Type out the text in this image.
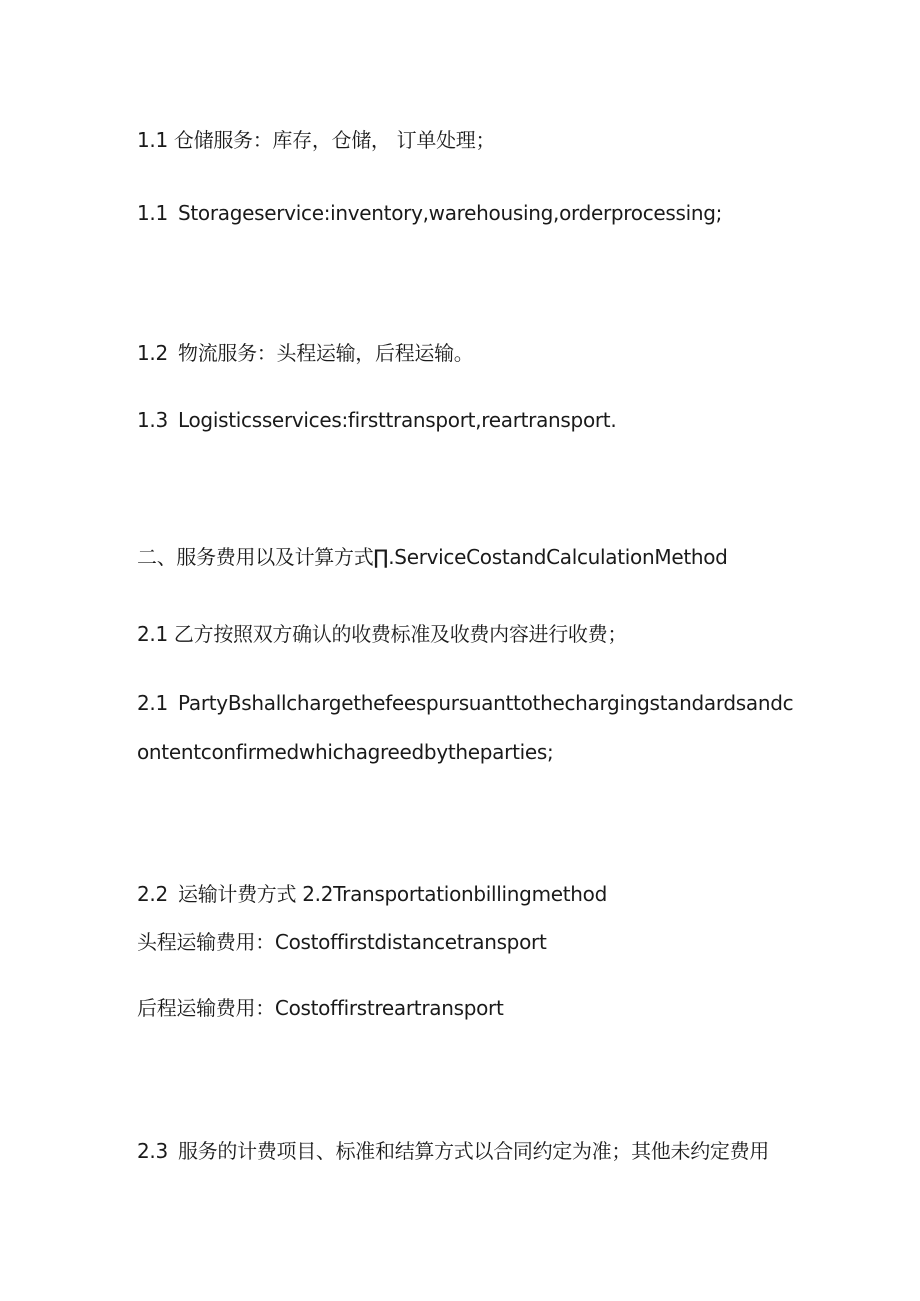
1.1 仓储服务：库存，仓储， 订单处理；

1.1 Storageservice:inventory,warehousing,orderprocessing;

1.2 物流服务：头程运输，后程运输。

1.3 Logisticsservices:firsttransport,reartransport.

二、服务费用以及计算方式∏.ServiceCostandCalculationMethod

2.1 乙方按照双方确认的收费标准及收费内容进行收费；

2.1 PartyBshallchargethefeespursuanttothechargingstandardsandc

ontentconfirmedwhichagreedbytheparties;

2.2 运输计费方式 2.2Transportationbillingmethod

头程运输费用：Costoffirstdistancetransport

后程运输费用：Costoffirstreartransport

2.3 服务的计费项目、标准和结算方式以合同约定为准；其他未约定费用
